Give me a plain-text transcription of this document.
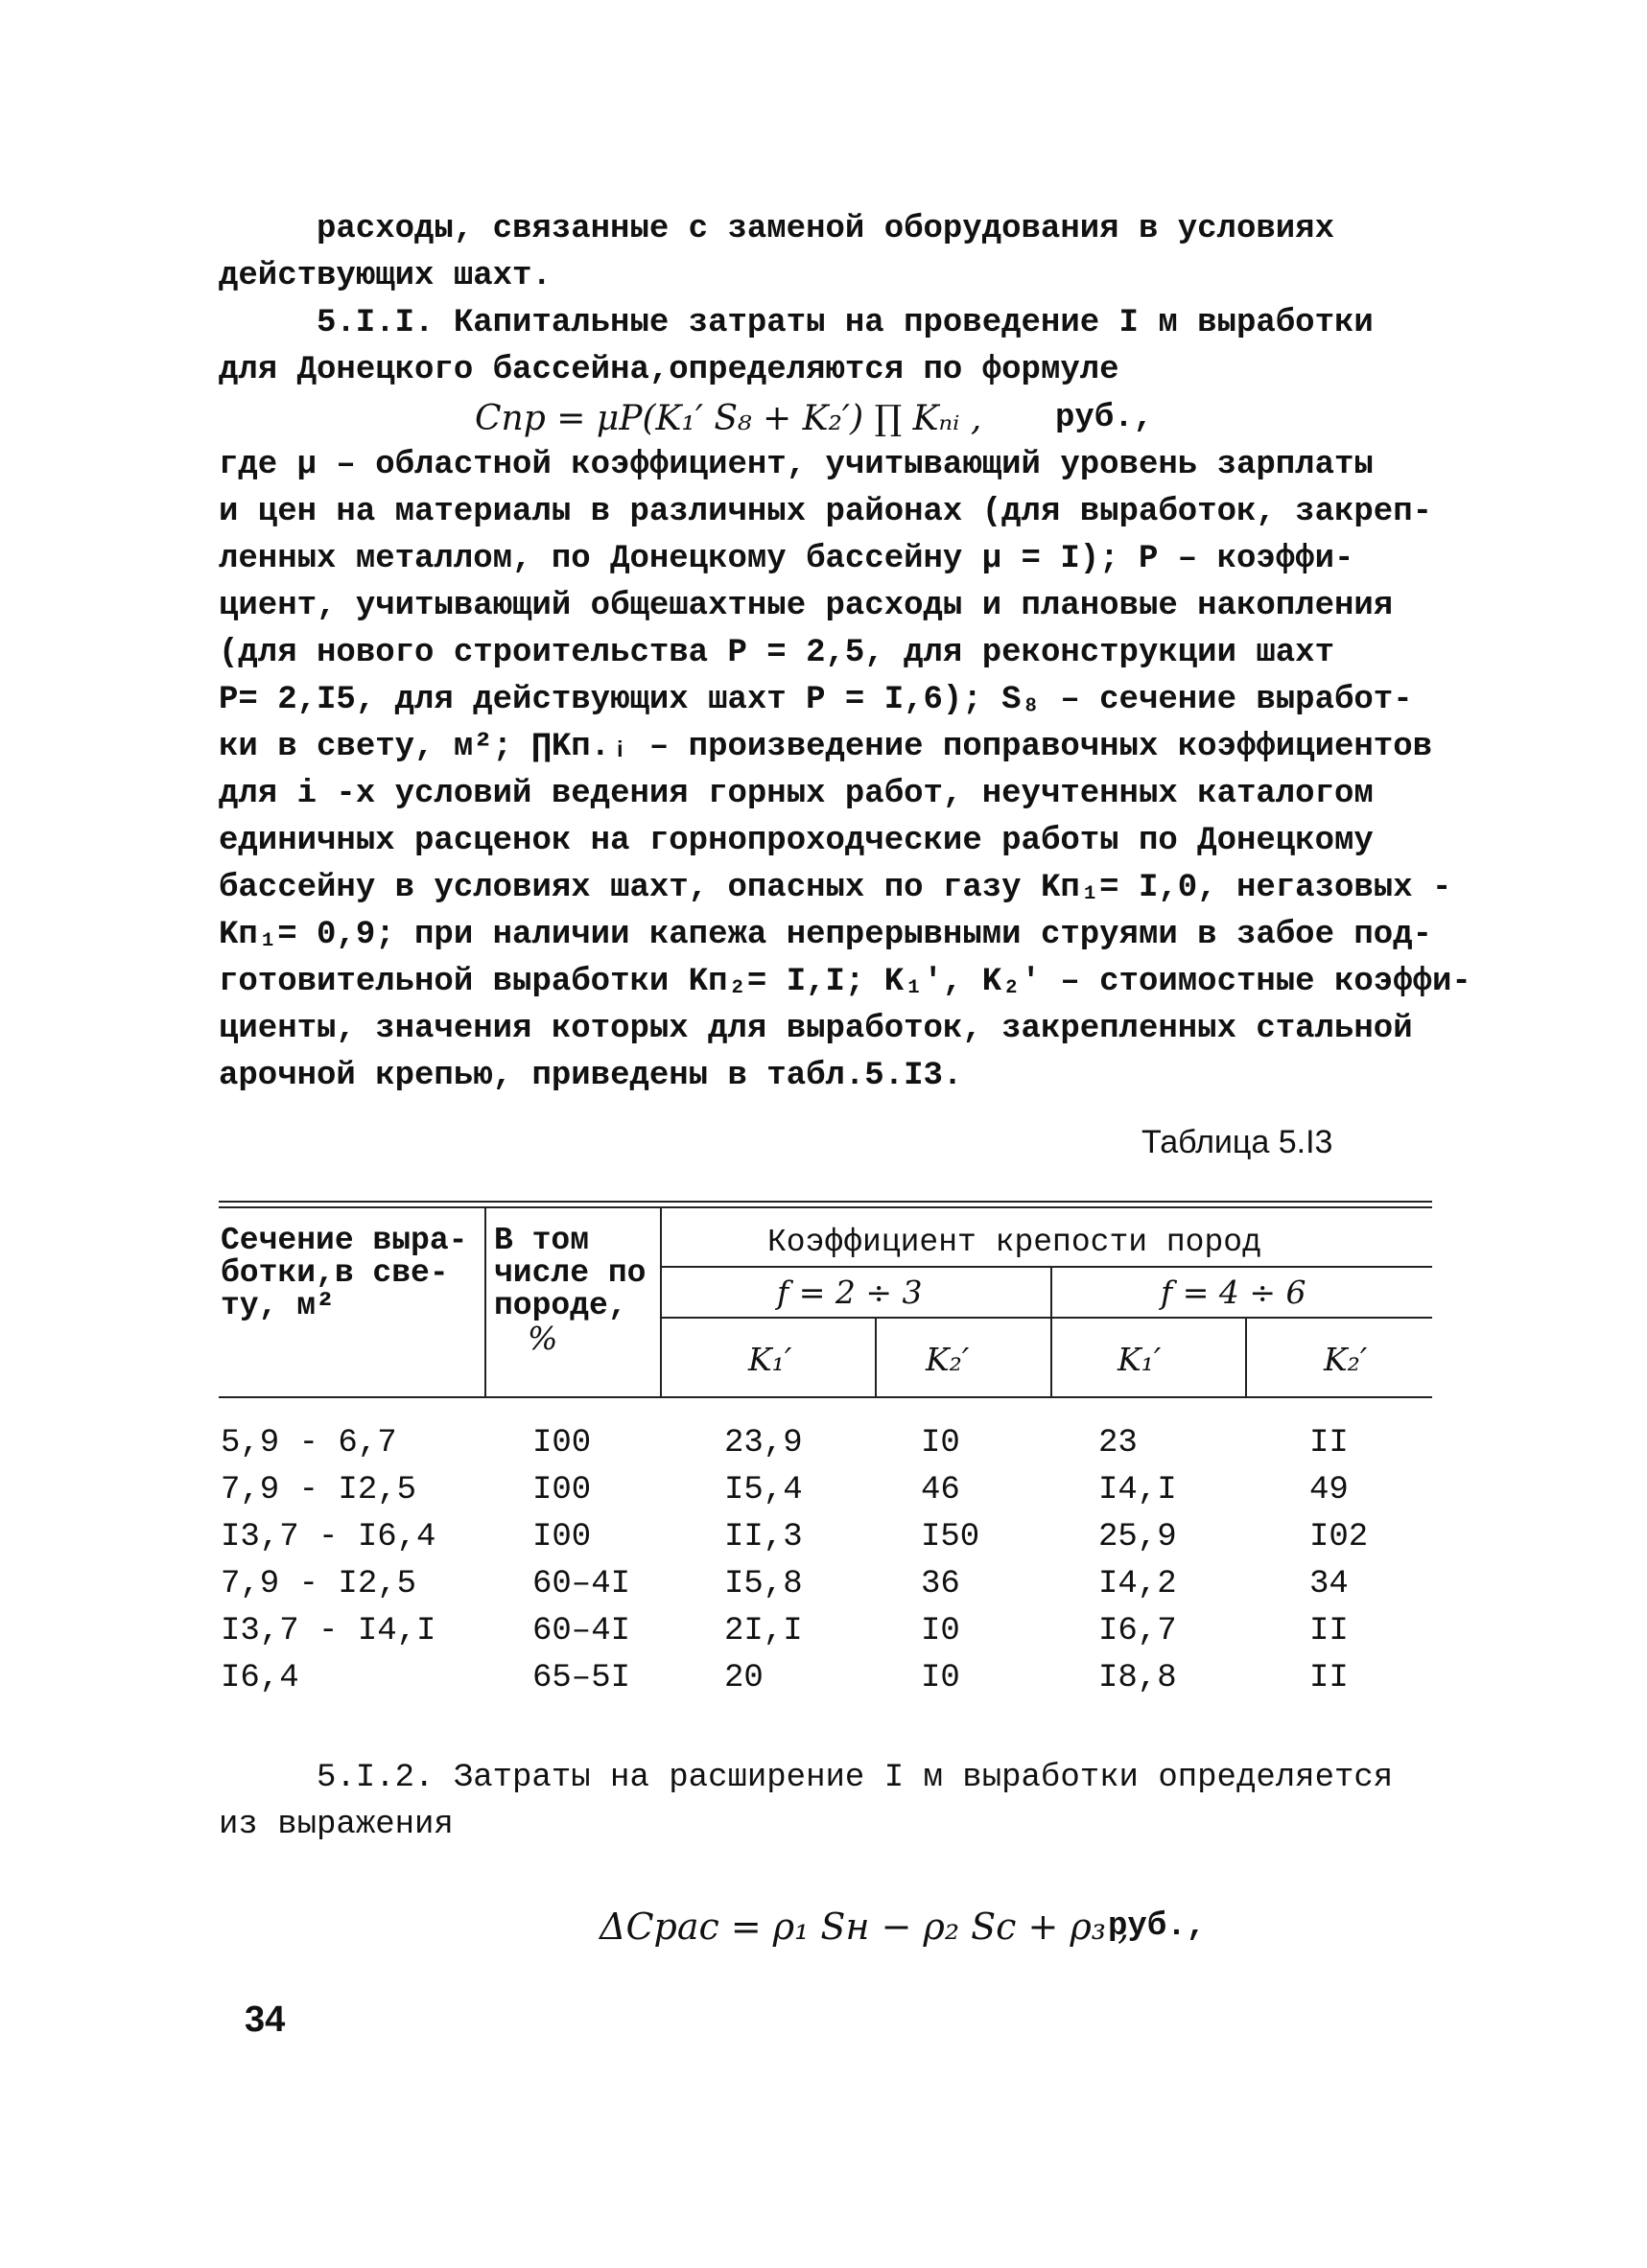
расходы, связанные с заменой оборудования в условиях
действующих шахт.
5.I.I. Капитальные затраты на проведение I м выработки
для Донецкого бассейна,определяются по формуле
Cпр = μP(K₁′ S₈ + K₂′) ∏ Kₙᵢ , руб.,
где μ – областной коэффициент, учитывающий уровень зарплаты
и цен на материалы в различных районах (для выработок, закреп-
ленных металлом, по Донецкому бассейну μ = I); P – коэффи-
циент, учитывающий общешахтные расходы и плановые накопления
(для нового строительства P = 2,5, для реконструкции шахт
P= 2,I5, для действующих шахт P = I,6); S₈ – сечение выработ-
ки в свету, м²; ∏Kп.ᵢ – произведение поправочных коэффициентов
для i -х условий ведения горных работ, неучтенных каталогом
единичных расценок на горнопроходческие работы по Донецкому
бассейну в условиях шахт, опасных по газу Kп₁= I,0, негазовых -
Kп₁= 0,9; при наличии капежа непрерывными струями в забое под-
готовительной выработки Kп₂= I,I; K₁′, K₂′ – стоимостные коэффи-
циенты, значения которых для выработок, закрепленных стальной
арочной крепью, приведены в табл.5.I3.
Таблица 5.I3
Сечение выра-
ботки,в све-
ту, м²
В том
числе по
породе,
%
Коэффициент крепости пород
f = 2 ÷ 3	f = 4 ÷ 6
K₁′	K₂′	K₁′	K₂′
5,9 - 6,7	I00	23,9	I0	23	II
7,9 - I2,5	I00	I5,4	46	I4,I	49
I3,7 - I6,4	I00	II,3	I50	25,9	I02
7,9 - I2,5	60–4I	I5,8	36	I4,2	34
I3,7 - I4,I	60–4I	2I,I	I0	I6,7	II
I6,4	65–5I	20	I0	I8,8	II
5.I.2. Затраты на расширение I м выработки определяется
из выражения
ΔCрас = ρ₁ Sн − ρ₂ Sc + ρ₃ ,
руб.,
34
